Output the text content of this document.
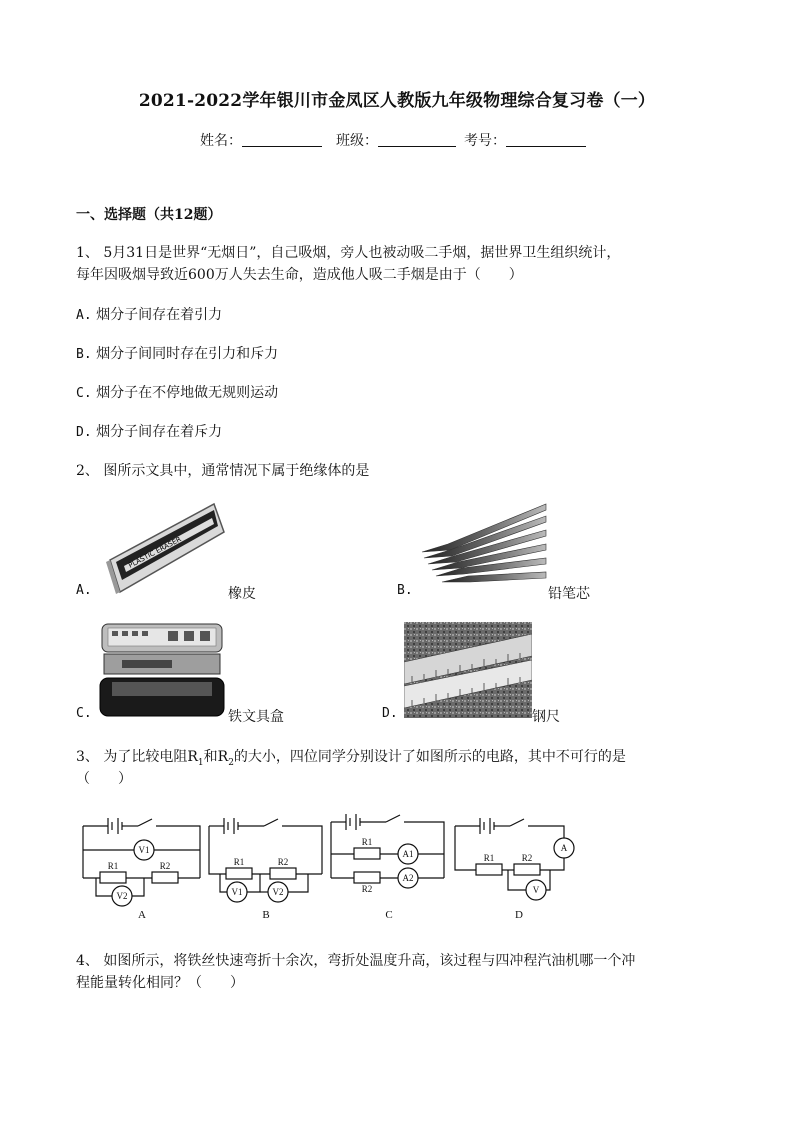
2021-2022学年银川市金凤区人教版九年级物理综合复习卷（一）
姓名：	班级：	考号：
一、选择题（共12题）
1、 5月31日是世界“无烟日”，自己吸烟，旁人也被动吸二手烟，据世界卫生组织统计，
每年因吸烟导致近600万人失去生命，造成他人吸二手烟是由于（　　）
A. 烟分子间存在着引力
B. 烟分子间同时存在引力和斥力
C. 烟分子在不停地做无规则运动
D. 烟分子间存在着斥力
2、 图所示文具中，通常情况下属于绝缘体的是
A.
PLASTIC ERASER
橡皮	B.	铅笔芯
C.	铁文具盒	D.	钢尺
3、 为了比较电阻$R_1$和$R_2$的大小，四位同学分别设计了如图所示的电路，其中不可行的是
（　　）
V1
V2
R1	R2
V1	V2
R1	R2
A1
A2
R1
R2
A
V
R1	R2
A	B	C	D
4、 如图所示，将铁丝快速弯折十余次，弯折处温度升高，该过程与四冲程汽油机哪一个冲
程能量转化相同？（　　）
